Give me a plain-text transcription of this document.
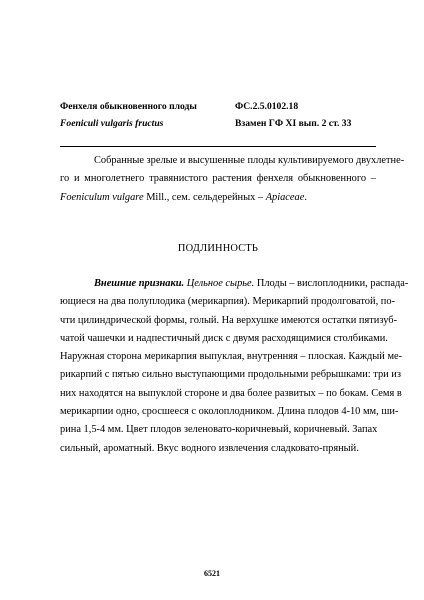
Фенхеля обыкновенного плоды	ФС.2.5.0102.18
Foeniculi vulgaris fructus	Взамен ГФ XI вып. 2 ст. 33
Собранные зрелые и высушенные плоды культивируемого двухлетне-
го и многолетнего травянистого растения фенхеля обыкновенного –
Foeniculum vulgare Mill., сем. сельдерейных – Apiaceae.
ПОДЛИННОСТЬ
Внешние признаки. Цельное сырье. Плоды – вислоплодники, распада-
ющиеся на два полуплодика (мерикарпия). Мерикарпий продолговатой, по-
чти цилиндрической формы, голый. На верхушке имеются остатки пятизуб-
чатой чашечки и надпестичный диск с двумя расходящимися столбиками.
Наружная сторона мерикарпия выпуклая, внутренняя – плоская. Каждый ме-
рикарпий с пятью сильно выступающими продольными ребрышками: три из
них находятся на выпуклой стороне и два более развитых – по бокам. Семя в
мерикарпии одно, сросшееся с околоплодником. Длина плодов 4-10 мм, ши-
рина 1,5-4 мм. Цвет плодов зеленовато-коричневый, коричневый. Запах
сильный, ароматный. Вкус водного извлечения сладковато-пряный.
6521
